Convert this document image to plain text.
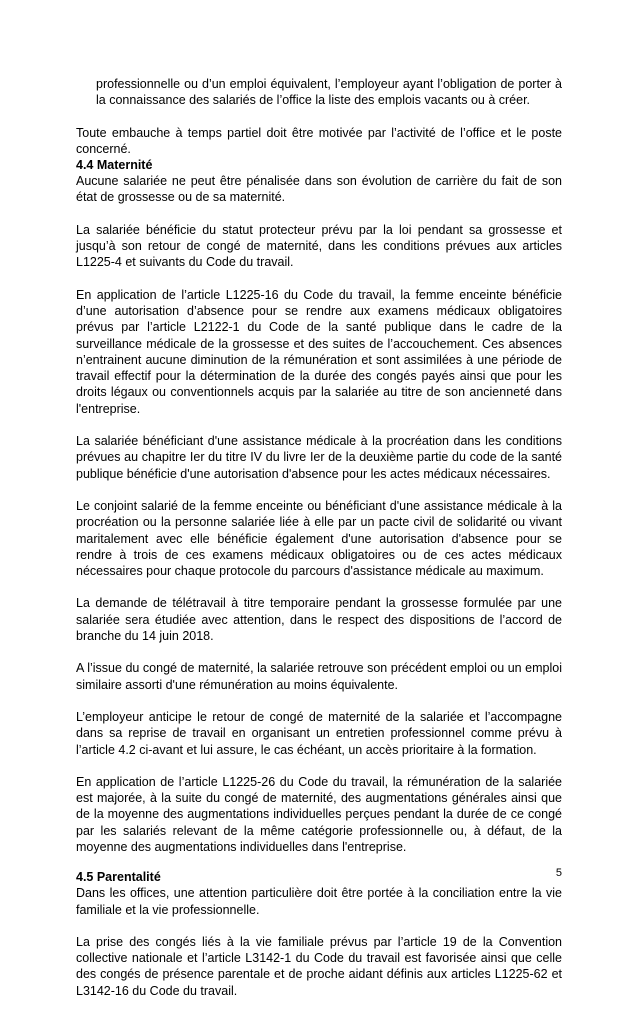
professionnelle ou d’un emploi équivalent, l’employeur ayant l’obligation de porter à la connaissance des salariés de l’office la liste des emplois vacants ou à créer.

Toute embauche à temps partiel doit être motivée par l’activité de l’office et le poste concerné.

4.4 Maternité

Aucune salariée ne peut être pénalisée dans son évolution de carrière du fait de son état de grossesse ou de sa maternité.

La salariée bénéficie du statut protecteur prévu par la loi pendant sa grossesse et jusqu’à son retour de congé de maternité, dans les conditions prévues aux articles L1225-4 et suivants du Code du travail.

En application de l’article L1225-16 du Code du travail, la femme enceinte bénéficie d’une autorisation d’absence pour se rendre aux examens médicaux obligatoires prévus par l’article L2122-1 du Code de la santé publique dans le cadre de la surveillance médicale de la grossesse et des suites de l’accouchement. Ces absences n’entrainent aucune diminution de la rémunération et sont assimilées à une période de travail effectif pour la détermination de la durée des congés payés ainsi que pour les droits légaux ou conventionnels acquis par la salariée au titre de son ancienneté dans l'entreprise.

La salariée bénéficiant d'une assistance médicale à la procréation dans les conditions prévues au chapitre Ier du titre IV du livre Ier de la deuxième partie du code de la santé publique bénéficie d'une autorisation d'absence pour les actes médicaux nécessaires.

Le conjoint salarié de la femme enceinte ou bénéficiant d'une assistance médicale à la procréation ou la personne salariée liée à elle par un pacte civil de solidarité ou vivant maritalement avec elle bénéficie également d'une autorisation d'absence pour se rendre à trois de ces examens médicaux obligatoires ou de ces actes médicaux nécessaires pour chaque protocole du parcours d'assistance médicale au maximum.

La demande de télétravail à titre temporaire pendant la grossesse formulée par une salariée sera étudiée avec attention, dans le respect des dispositions de l’accord de branche du 14 juin 2018.

A l’issue du congé de maternité, la salariée retrouve son précédent emploi ou un emploi similaire assorti d'une rémunération au moins équivalente.

L’employeur anticipe le retour de congé de maternité de la salariée et l’accompagne dans sa reprise de travail en organisant un entretien professionnel comme prévu à l’article 4.2 ci-avant et lui assure, le cas échéant, un accès prioritaire à la formation.

En application de l’article L1225-26 du Code du travail, la rémunération de la salariée est majorée, à la suite du congé de maternité, des augmentations générales ainsi que de la moyenne des augmentations individuelles perçues pendant la durée de ce congé par les salariés relevant de la même catégorie professionnelle ou, à défaut, de la moyenne des augmentations individuelles dans l'entreprise.

4.5 Parentalité

Dans les offices, une attention particulière doit être portée à la conciliation entre la vie familiale et la vie professionnelle.

La prise des congés liés à la vie familiale prévus par l’article 19 de la Convention collective nationale et l’article L3142-1 du Code du travail est favorisée ainsi que celle des congés de présence parentale et de proche aidant définis aux articles L1225-62 et L3142-16 du Code du travail.

5
